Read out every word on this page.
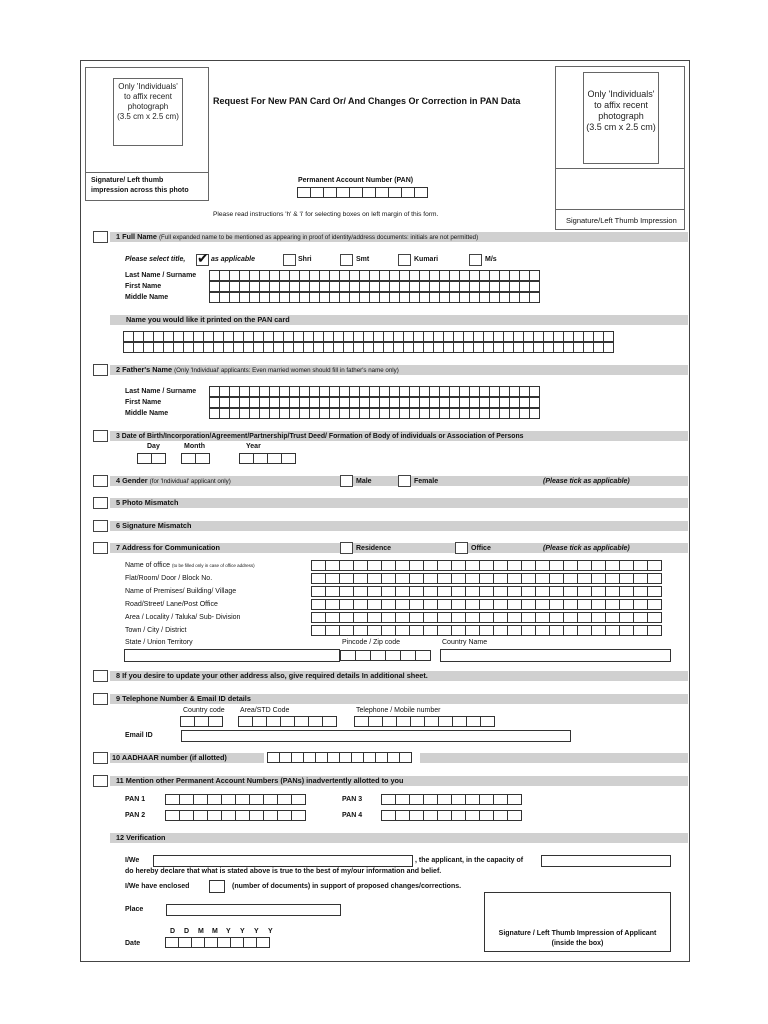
Only 'Individuals'
to affix recent
photograph
(3.5 cm x 2.5 cm)
Signature/ Left thumb
impression across this photo
Request For New PAN Card Or/ And Changes Or Correction in PAN Data
Only 'Individuals'
to affix recent
photograph
(3.5 cm x 2.5 cm)
Signature/Left Thumb Impression
Permanent Account Number (PAN)
Please read instructions 'h' & 'i' for selecting boxes on left margin of this form.
1 Full Name (Full expanded name to be mentioned as appearing in proof of identity/address documents: initials are not permitted)
Please select title, ✔ as applicable	Shri	Smt	Kumari	M/s
Last Name / Surname
First Name
Middle Name
Name you would like it printed on the PAN card
2 Father's Name (Only 'Individual' applicants: Even married women should fill in father's name only)
Last Name / Surname
First Name
Middle Name
3 Date of Birth/Incorporation/Agreement/Partnership/Trust Deed/ Formation of Body of individuals or Association of Persons
Day	Month	Year
4 Gender (for 'Individual' applicant only)	Male	Female	(Please tick as applicable)
5 Photo Mismatch
6 Signature Mismatch
7 Address for Communication	Residence	Office	(Please tick as applicable)
Name of office (to be filled only in case of office address)
Flat/Room/ Door / Block No.
Name of Premises/ Building/ Village
Road/Street/ Lane/Post Office
Area / Locality / Taluka/ Sub- Division
Town / City / District
State / Union Territory	Pincode / Zip code	Country Name
8 If you desire to update your other address also, give required details In additional sheet.
9 Telephone Number & Email ID details
Country code Area/STD Code	Telephone / Mobile number
Email ID
10 AADHAAR number (if allotted)
11 Mention other Permanent Account Numbers (PANs) inadvertently allotted to you
PAN 1
PAN 2
PAN 3
PAN 4
12 Verification
I/We	, the applicant, in the capacity of
do hereby declare that what is stated above is true to the best of my/our information and belief.
I/We have enclosed	(number of documents) in support of proposed changes/corrections.
Place
D	D	M	M	Y	Y	Y	Y
Date
Signature / Left Thumb Impression of Applicant
(inside the box)
